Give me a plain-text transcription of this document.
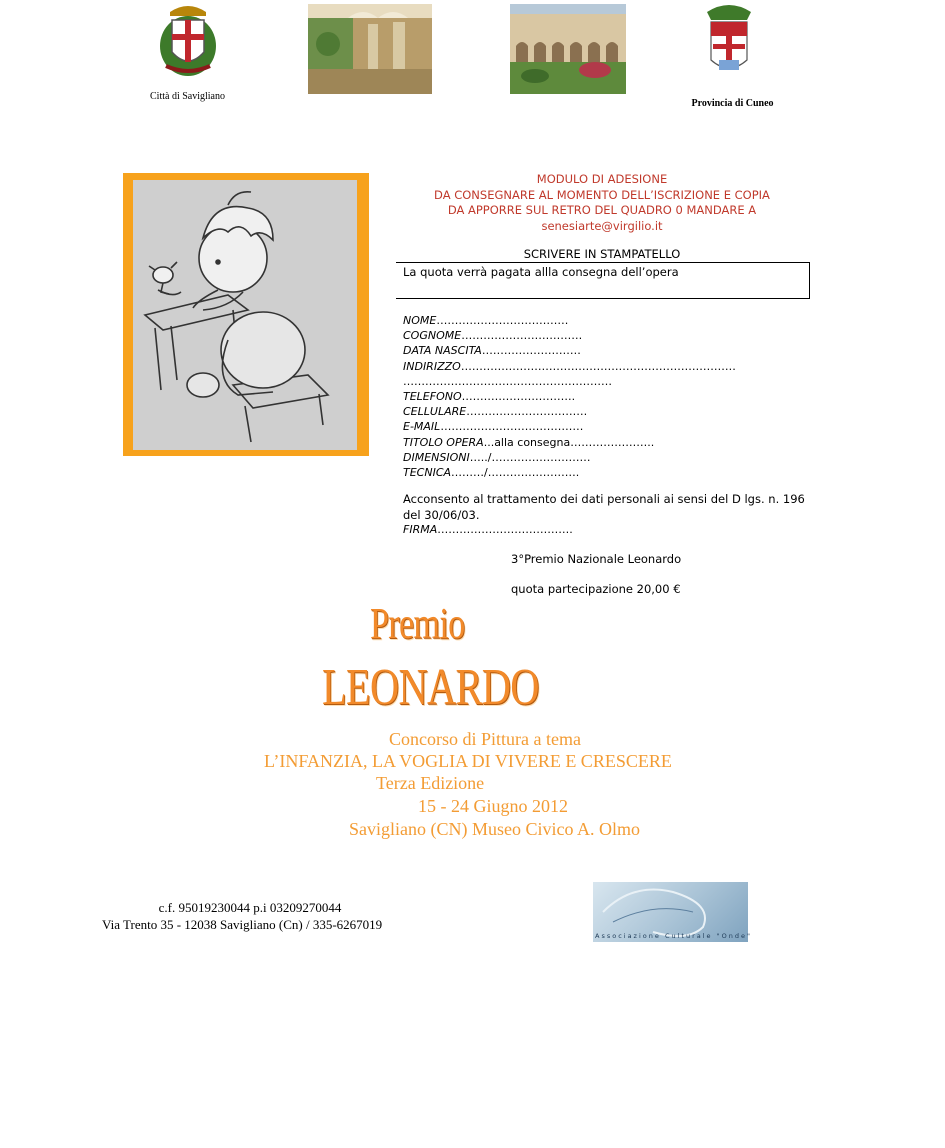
Città di Savigliano
Provincia di Cuneo
MODULO DI ADESIONE
DA CONSEGNARE AL MOMENTO DELL’ISCRIZIONE E COPIA
DA APPORRE SUL RETRO DEL QUADRO 0 MANDARE A
senesiarte@virgilio.it
SCRIVERE IN STAMPATELLO
La quota verrà pagata allla consegna dell’opera
NOME………………………………
COGNOME……………………………
DATA NASCITA………………………
INDIRIZZO…………………………………………………………………
…………………………………………………
TELEFONO………………………….
CELLULARE……………………………
E-MAIL…………………………………
TITOLO OPERA...alla consegna…………………..
DIMENSIONI…../………………………
TECNICA………/…………………….
Acconsento al trattamento dei dati personali ai sensi del D lgs. n. 196 del 30/06/03.
FIRMA……………………………….
3°Premio Nazionale Leonardo
quota partecipazione 20,00 €
Premio
LEONARDO
Concorso di Pittura a tema
L’INFANZIA, LA VOGLIA DI VIVERE E CRESCERE
Terza Edizione
15 - 24 Giugno 2012
Savigliano (CN) Museo Civico A. Olmo
c.f. 95019230044 p.i 03209270044
Via Trento 35 - 12038 Savigliano (Cn) / 335-6267019
Associazione Culturale "Onde"
